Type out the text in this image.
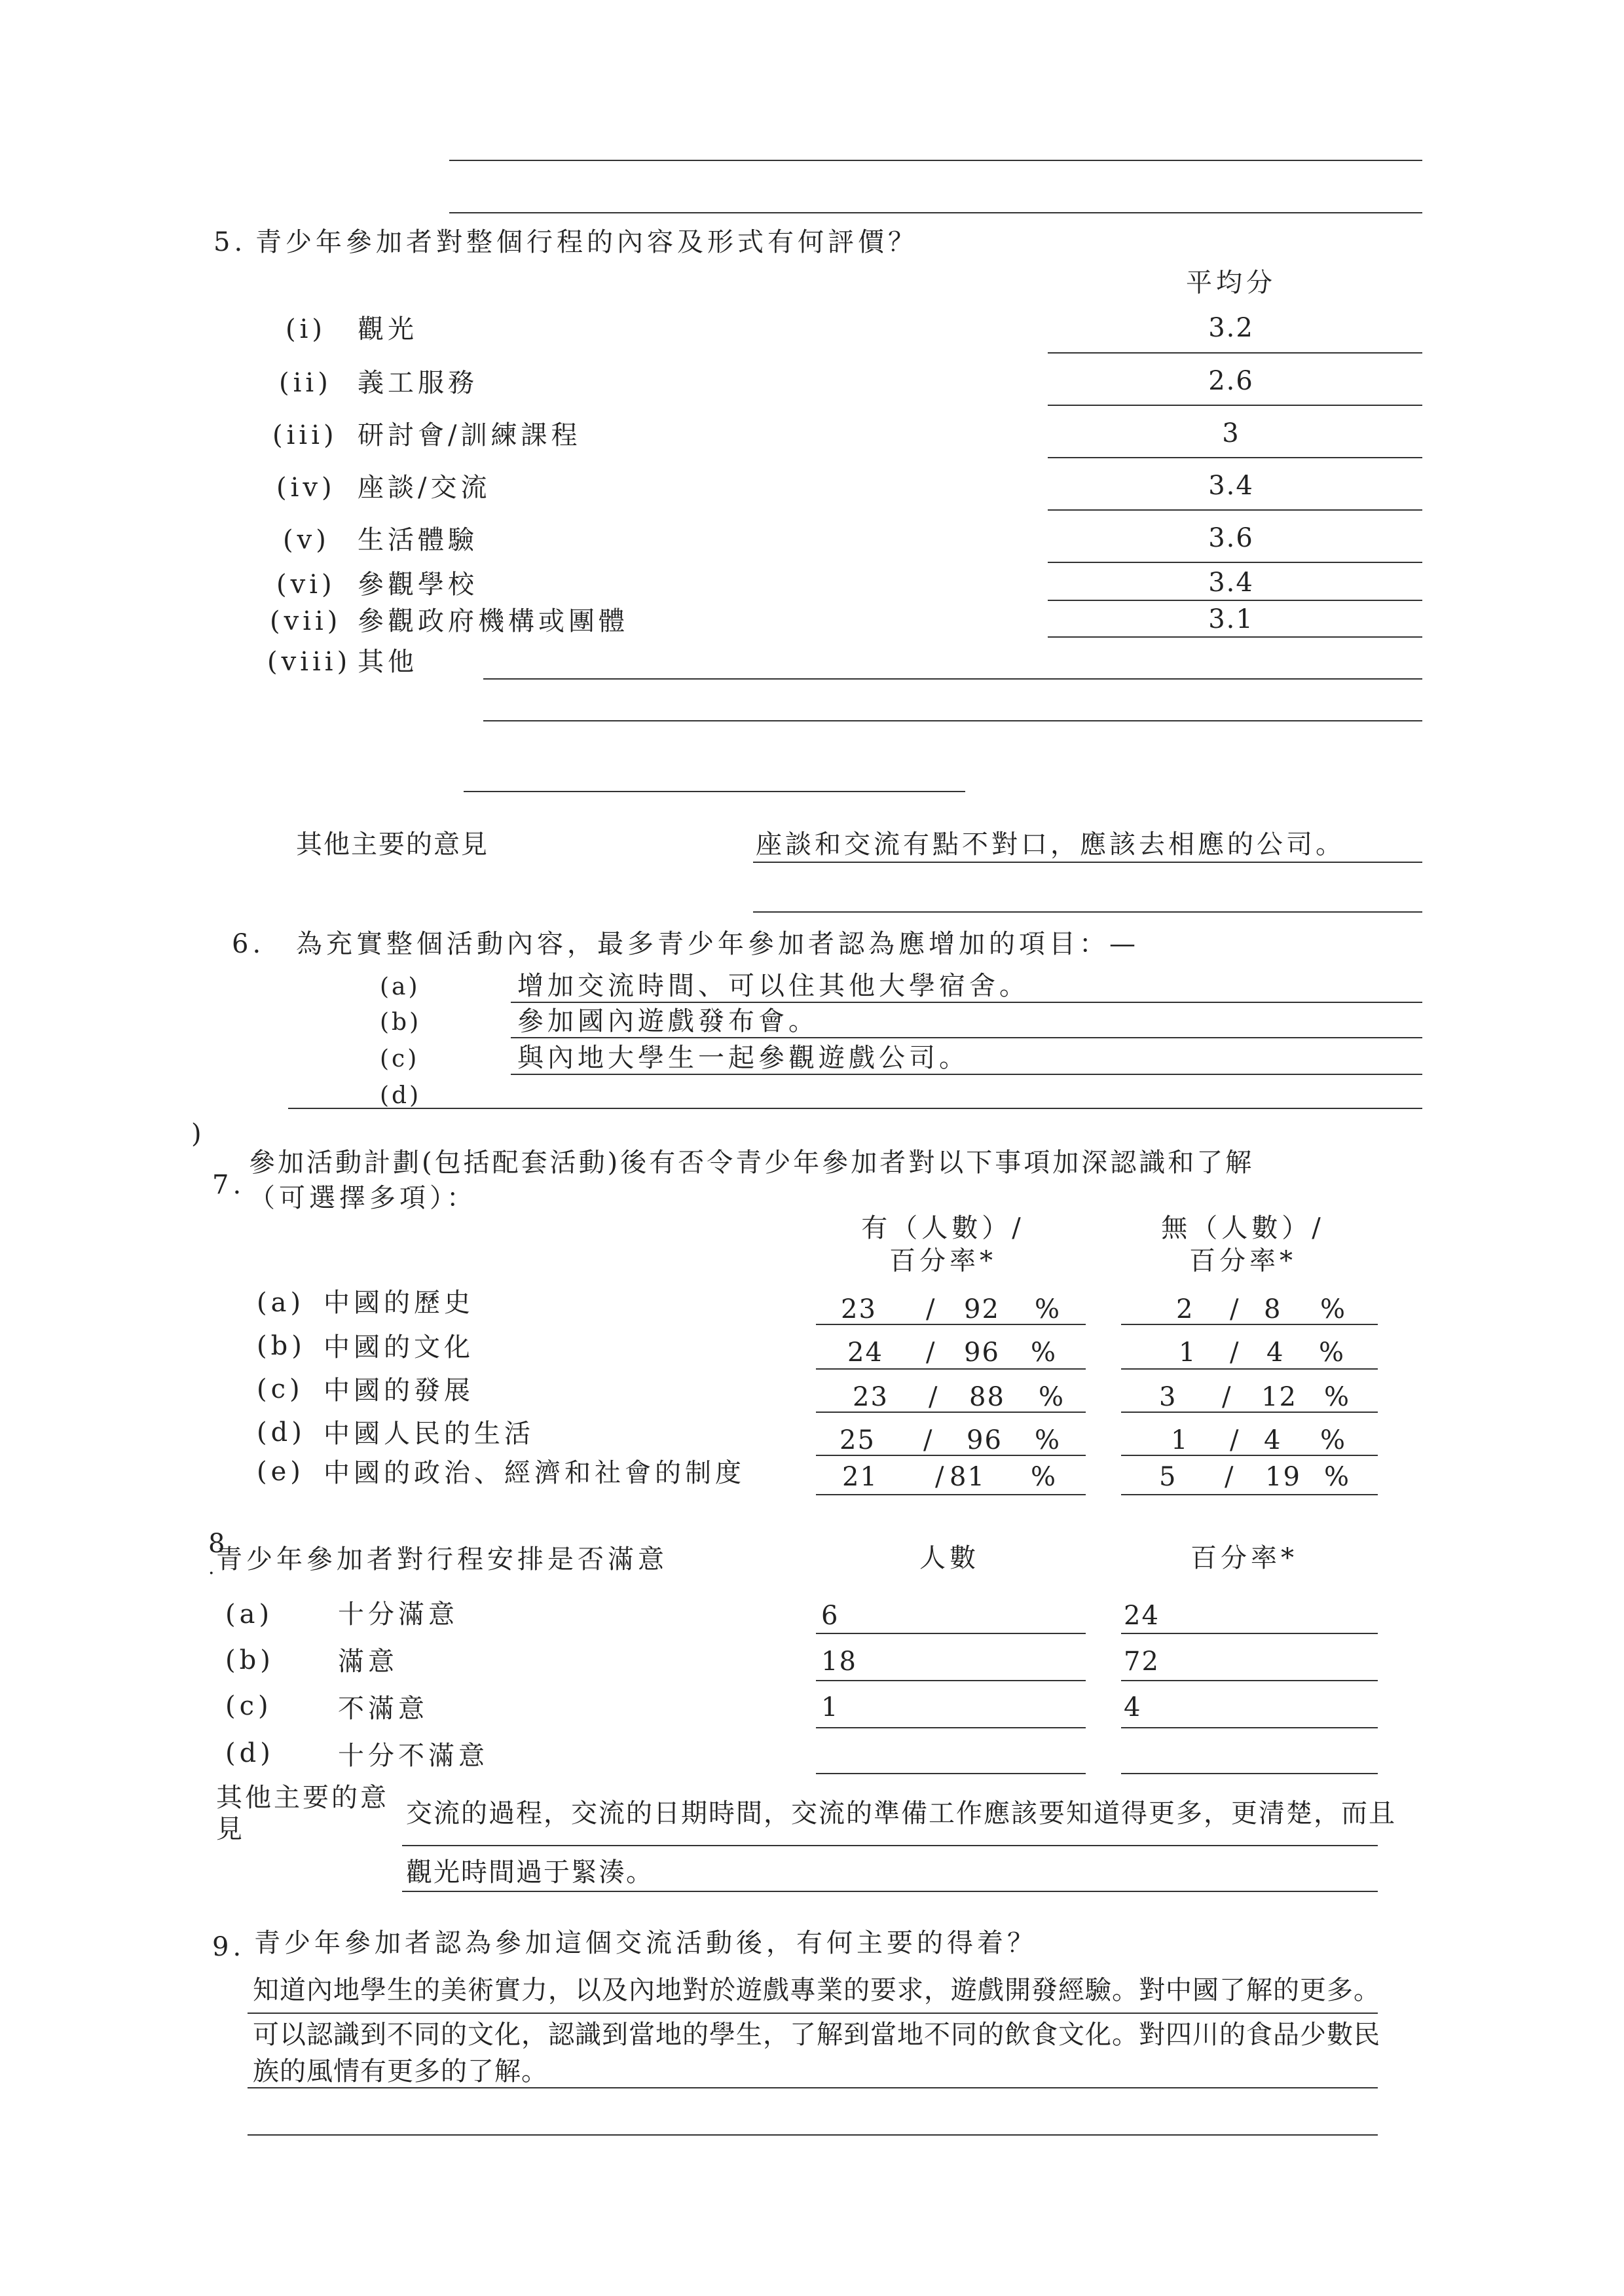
5. 青少年參加者對整個行程的內容及形式有何評價？
平均分
(i) 觀光	3.2
(ii) 義工服務	2.6
(iii) 研討會/訓練課程	3
(iv) 座談/交流	3.4
(v) 生活體驗	3.6
(vi) 參觀學校	3.4
(vii) 參觀政府機構或團體	3.1
(viii) 其他
其他主要的意見	座談和交流有點不對口，應該去相應的公司。
6. 為充實整個活動內容，最多青少年參加者認為應增加的項目：—
(a)	增加交流時間、可以住其他大學宿舍。
(b)	參加國內遊戲發布會。
(c)	與內地大學生一起參觀遊戲公司。
(d)
)
參加活動計劃(包括配套活動)後有否令青少年參加者對以下事項加深認識和了解
7. （可選擇多項）：
有（人數）/
百分率*
無（人數）/
百分率*
(a) 中國的歷史	23 / 92 %	2 / 8 %
(b) 中國的文化	24 / 96 %	1 / 4 %
(c) 中國的發展	23 / 88 %	3 / 12 %
(d) 中國人民的生活	25 / 96 %	1 / 4 %
(e) 中國的政治、經濟和社會的制度	21 / 81 %	5 / 19 %
8
·
青少年參加者對行程安排是否滿意	人數	百分率*
(a) 十分滿意	6	24
(b) 滿意	18	72
(c)	不滿意	1	4
(d) 十分不滿意
其他主要的意
見
交流的過程，交流的日期時間，交流的準備工作應該要知道得更多，更清楚，而且
觀光時間過于緊湊。
9. 青少年參加者認為參加這個交流活動後，有何主要的得着？
知道內地學生的美術實力，以及內地對於遊戲專業的要求，遊戲開發經驗。對中國了解的更多。
可以認識到不同的文化，認識到當地的學生，了解到當地不同的飲食文化。對四川的食品少數民
族的風情有更多的了解。
